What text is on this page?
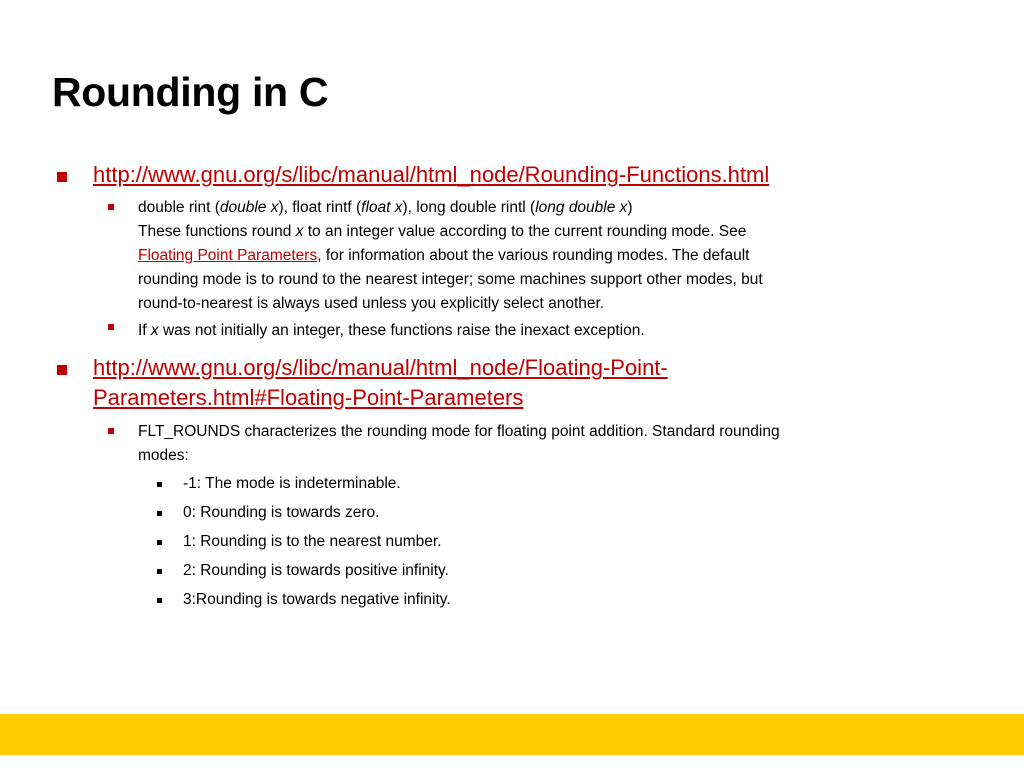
Rounding in C
http://www.gnu.org/s/libc/manual/html_node/Rounding-Functions.html
double rint (double x), float rintf (float x), long double rintl (long double x)
These functions round x to an integer value according to the current rounding mode. See
Floating Point Parameters, for information about the various rounding modes. The default
rounding mode is to round to the nearest integer; some machines support other modes, but
round-to-nearest is always used unless you explicitly select another.
If x was not initially an integer, these functions raise the inexact exception.
http://www.gnu.org/s/libc/manual/html_node/Floating-Point-
Parameters.html#Floating-Point-Parameters
FLT_ROUNDS characterizes the rounding mode for floating point addition. Standard rounding
modes:
-1: The mode is indeterminable.
0: Rounding is towards zero.
1: Rounding is to the nearest number.
2: Rounding is towards positive infinity.
3:Rounding is towards negative infinity.
